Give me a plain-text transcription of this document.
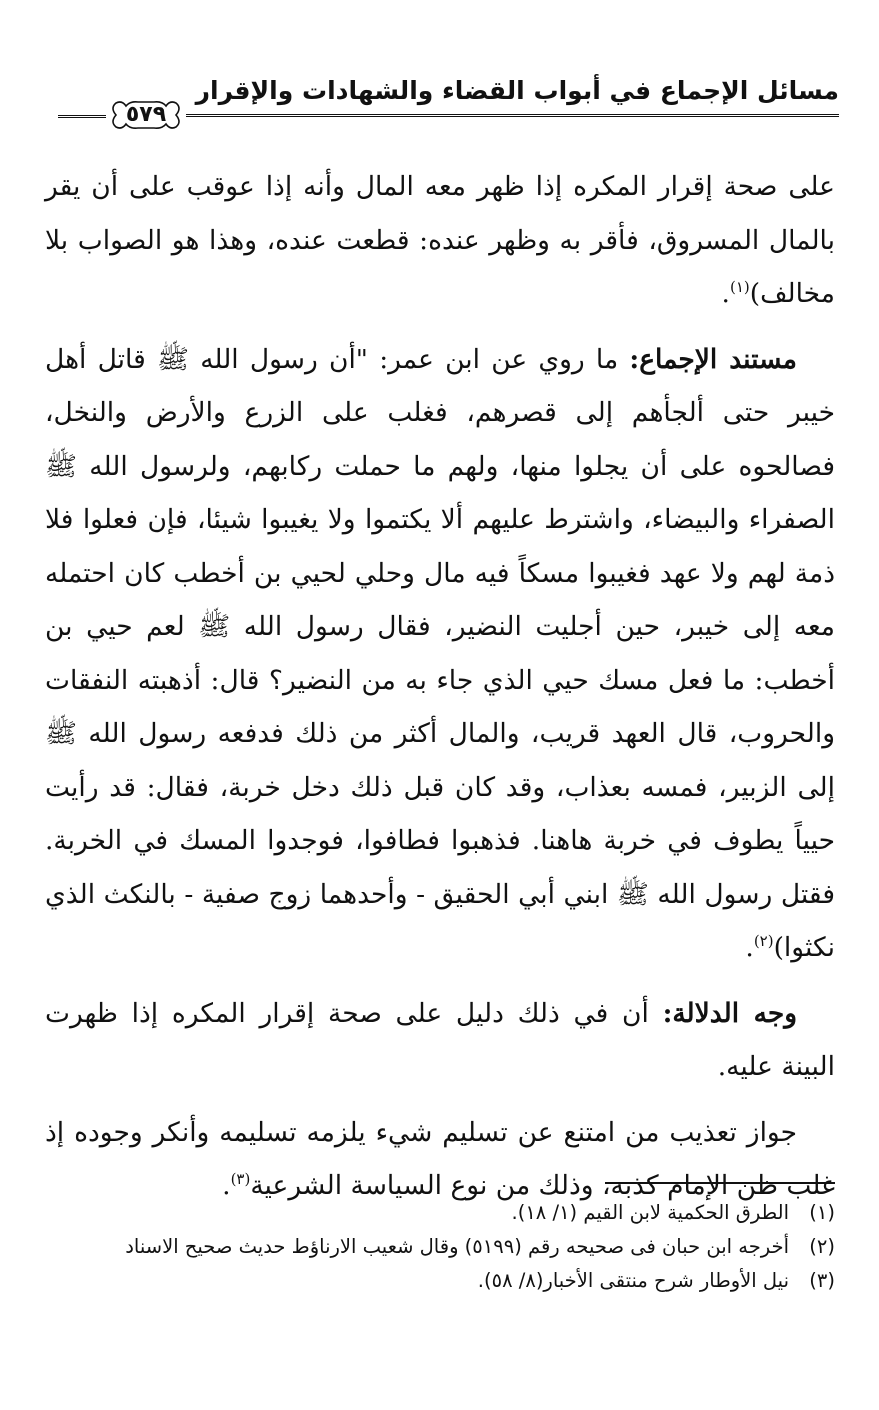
مسائل الإجماع في أبواب القضاء والشهادات والإقرار
٥٧٩

على صحة إقرار المكره إذا ظهر معه المال وأنه إذا عوقب على أن يقر بالمال المسروق، فأقر به وظهر عنده: قطعت عنده، وهذا هو الصواب بلا مخالف)$^{(١)}$.

مستند الإجماع: ما روي عن ابن عمر: "أن رسول الله ﷺ قاتل أهل خيبر حتى ألجأهم إلى قصرهم، فغلب على الزرع والأرض والنخل، فصالحوه على أن يجلوا منها، ولهم ما حملت ركابهم، ولرسول الله ﷺ الصفراء والبيضاء، واشترط عليهم ألا يكتموا ولا يغيبوا شيئا، فإن فعلوا فلا ذمة لهم ولا عهد فغيبوا مسكاً فيه مال وحلي لحيي بن أخطب كان احتمله معه إلى خيبر، حين أجليت النضير، فقال رسول الله ﷺ لعم حيي بن أخطب: ما فعل مسك حيي الذي جاء به من النضير؟ قال: أذهبته النفقات والحروب، قال العهد قريب، والمال أكثر من ذلك فدفعه رسول الله ﷺ إلى الزبير، فمسه بعذاب، وقد كان قبل ذلك دخل خربة، فقال: قد رأيت حيياً يطوف في خربة هاهنا. فذهبوا فطافوا، فوجدوا المسك في الخربة. فقتل رسول الله ﷺ ابني أبي الحقيق - وأحدهما زوج صفية - بالنكث الذي نكثوا)$^{(٢)}$.

وجه الدلالة: أن في ذلك دليل على صحة إقرار المكره إذا ظهرت البينة عليه.

جواز تعذيب من امتنع عن تسليم شيء يلزمه تسليمه وأنكر وجوده إذ غلب ظن الإمام كذبه، وذلك من نوع السياسة الشرعية$^{(٣)}$.

(١)
الطرق الحكمية لابن القيم (١/ ١٨).
(٢)
أخرجه ابن حبان فى صحيحه رقم (٥١٩٩) وقال شعيب الارناؤط حديث صحيح الاسناد
(٣)
نيل الأوطار شرح منتقى الأخبار(٨/ ٥٨).
